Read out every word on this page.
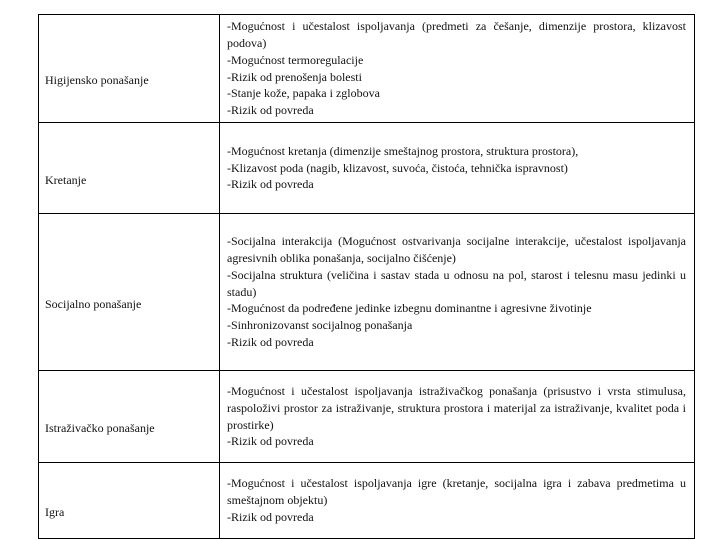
Higijensko ponašanje	-Mogućnost i učestalost ispoljavanja (predmeti za češanje, dimenzije prostora, klizavost podova)
-Mogućnost termoregulacije
-Rizik od prenošenja bolesti
-Stanje kože, papaka i zglobova
-Rizik od povreda

Kretanje	-Mogućnost kretanja (dimenzije smeštajnog prostora, struktura prostora),
-Klizavost poda (nagib, klizavost, suvoća, čistoća, tehnička ispravnost)
-Rizik od povreda

Socijalno ponašanje	-Socijalna interakcija (Mogućnost ostvarivanja socijalne interakcije, učestalost ispoljavanja agresivnih oblika ponašanja, socijalno čišćenje)
-Socijalna struktura (veličina i sastav stada u odnosu na pol, starost i telesnu masu jedinki u stadu)
-Mogućnost da podređene jedinke izbegnu dominantne i agresivne životinje
-Sinhronizovanst socijalnog ponašanja
-Rizik od povreda

Istraživačko ponašanje	-Mogućnost i učestalost ispoljavanja istraživačkog ponašanja (prisustvo i vrsta stimulusa, raspoloživi prostor za istraživanje, struktura prostora i materijal za istraživanje, kvalitet poda i prostirke)
-Rizik od povreda

Igra	-Mogućnost i učestalost ispoljavanja igre (kretanje, socijalna igra i zabava predmetima u smeštajnom objektu)
-Rizik od povreda
